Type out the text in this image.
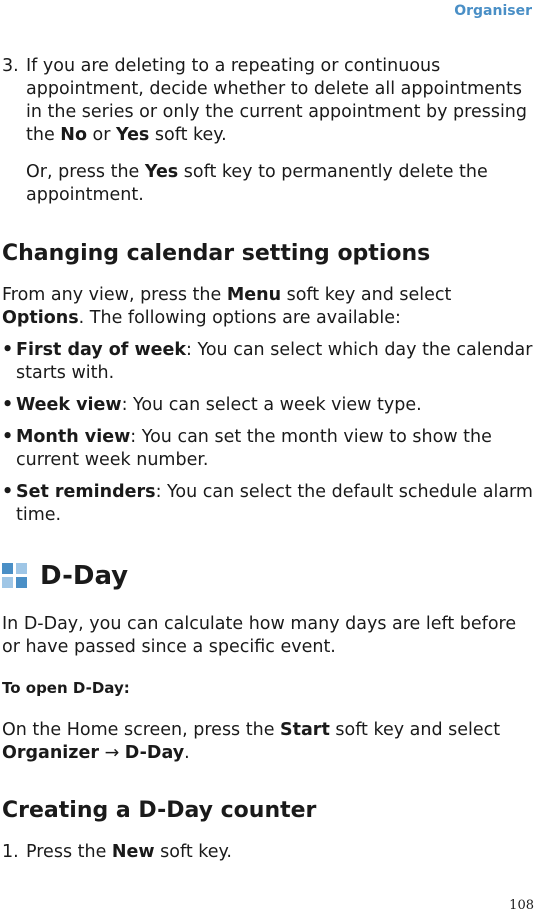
Organiser
3. If you are deleting to a repeating or continuous appointment, decide whether to delete all appointments in the series or only the current appointment by pressing the No or Yes soft key.

Or, press the Yes soft key to permanently delete the appointment.

Changing calendar setting options

From any view, press the Menu soft key and select Options. The following options are available:

• First day of week: You can select which day the calendar starts with.
• Week view: You can select a week view type.
• Month view: You can set the month view to show the current week number.
• Set reminders: You can select the default schedule alarm time.
D-Day

In D-Day, you can calculate how many days are left before or have passed since a specific event.

To open D-Day:

On the Home screen, press the Start soft key and select Organizer → D-Day.

Creating a D-Day counter
1. Press the New soft key.
108
